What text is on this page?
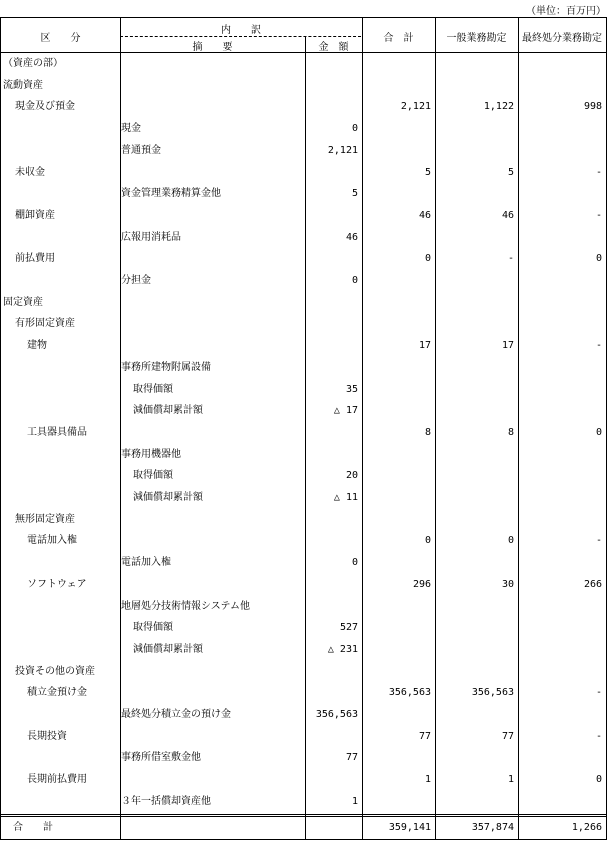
（単位：百万円）
区　　分
内　　訳
摘　　要	金　額
合　計	一般業務勘定	最終処分業務勘定
（資産の部）
流動資産
現金及び預金	2,121	1,122	998
現金	0
普通預金	2,121
未収金	5	5	-
資金管理業務精算金他	5
棚卸資産	46	46	-
広報用消耗品	46
前払費用	0	-	0
分担金	0
固定資産
有形固定資産
建物	17	17	-
事務所建物附属設備
取得価額	35
減価償却累計額	△ 17
工具器具備品	8	8	0
事務用機器他
取得価額	20
減価償却累計額	△ 11
無形固定資産
電話加入権	0	0	-
電話加入権	0
ソフトウェア	296	30	266
地層処分技術情報システム他
取得価額	527
減価償却累計額	△ 231
投資その他の資産
積立金預け金	356,563	356,563	-
最終処分積立金の預け金	356,563
長期投資	77	77	-
事務所借室敷金他	77
長期前払費用	1	1	0
３年一括償却資産他	1
合　　計	359,141	357,874	1,266
